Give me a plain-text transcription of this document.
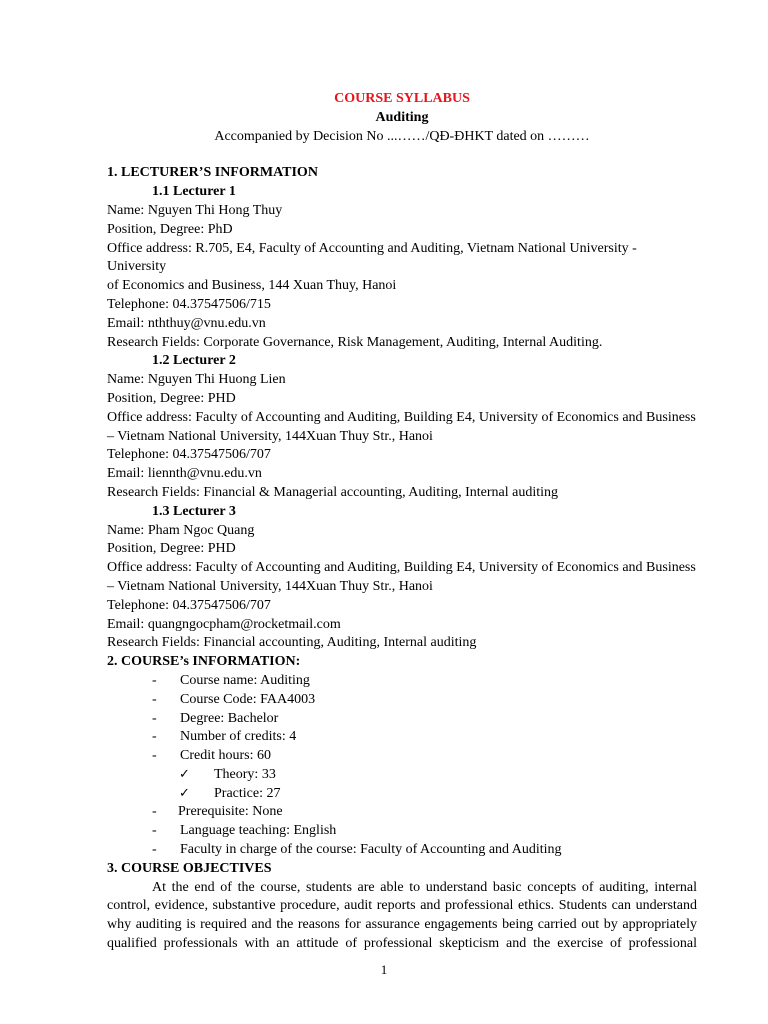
COURSE SYLLABUS

Auditing

Accompanied by Decision No ...……/QĐ-ĐHKT dated on ………

1. LECTURER’S INFORMATION

1.1 Lecturer 1

Name: Nguyen Thi Hong Thuy

Position, Degree: PhD

Office address: R.705, E4, Faculty of Accounting and Auditing, Vietnam National University - University

of Economics and Business, 144 Xuan Thuy, Hanoi

Telephone: 04.37547506/715

Email: nththuy@vnu.edu.vn

Research Fields: Corporate Governance, Risk Management, Auditing, Internal Auditing.

1.2 Lecturer 2

Name: Nguyen Thi Huong Lien

Position, Degree: PHD

Office address: Faculty of Accounting and Auditing, Building E4, University of Economics and Business

– Vietnam National University, 144Xuan Thuy Str., Hanoi

Telephone: 04.37547506/707

Email: liennth@vnu.edu.vn

Research Fields: Financial & Managerial accounting, Auditing, Internal auditing

1.3 Lecturer 3

Name: Pham Ngoc Quang

Position, Degree: PHD

Office address: Faculty of Accounting and Auditing, Building E4, University of Economics and Business

– Vietnam National University, 144Xuan Thuy Str., Hanoi

Telephone: 04.37547506/707

Email: quangngocpham@rocketmail.com

Research Fields: Financial accounting, Auditing, Internal auditing

2. COURSE’s INFORMATION:

- Course name: Auditing
- Course Code: FAA4003
- Degree: Bachelor
- Number of credits: 4
- Credit hours: 60
✓ Theory: 33
✓ Practice: 27
- Prerequisite: None
- Language teaching: English
- Faculty in charge of the course: Faculty of Accounting and Auditing

3. COURSE OBJECTIVES

At the end of the course, students are able to understand basic concepts of auditing, internal

control, evidence, substantive procedure, audit reports and professional ethics. Students can understand

why auditing is required and the reasons for assurance engagements being carried out by appropriately

qualified professionals with an attitude of professional skepticism and the exercise of professional

1
